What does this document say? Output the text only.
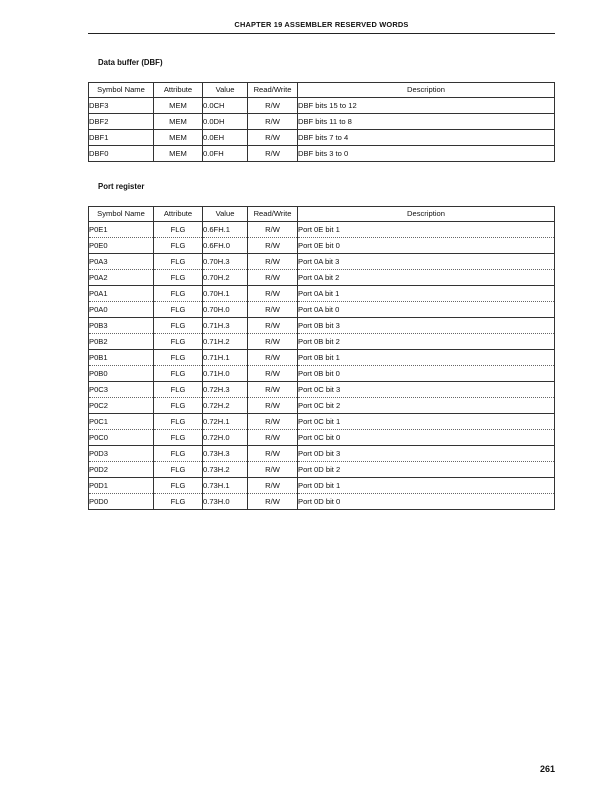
CHAPTER 19 ASSEMBLER RESERVED WORDS
Data buffer (DBF)
Symbol Name	Attribute	Value	Read/Write	Description
DBF3	MEM	0.0CH	R/W	DBF bits 15 to 12
DBF2	MEM	0.0DH	R/W	DBF bits 11 to 8
DBF1	MEM	0.0EH	R/W	DBF bits 7 to 4
DBF0	MEM	0.0FH	R/W	DBF bits 3 to 0
Port register
Symbol Name	Attribute	Value	Read/Write	Description
P0E1	FLG	0.6FH.1	R/W	Port 0E bit 1
P0E0	FLG	0.6FH.0	R/W	Port 0E bit 0
P0A3	FLG	0.70H.3	R/W	Port 0A bit 3
P0A2	FLG	0.70H.2	R/W	Port 0A bit 2
P0A1	FLG	0.70H.1	R/W	Port 0A bit 1
P0A0	FLG	0.70H.0	R/W	Port 0A bit 0
P0B3	FLG	0.71H.3	R/W	Port 0B bit 3
P0B2	FLG	0.71H.2	R/W	Port 0B bit 2
P0B1	FLG	0.71H.1	R/W	Port 0B bit 1
P0B0	FLG	0.71H.0	R/W	Port 0B bit 0
P0C3	FLG	0.72H.3	R/W	Port 0C bit 3
P0C2	FLG	0.72H.2	R/W	Port 0C bit 2
P0C1	FLG	0.72H.1	R/W	Port 0C bit 1
P0C0	FLG	0.72H.0	R/W	Port 0C bit 0
P0D3	FLG	0.73H.3	R/W	Port 0D bit 3
P0D2	FLG	0.73H.2	R/W	Port 0D bit 2
P0D1	FLG	0.73H.1	R/W	Port 0D bit 1
P0D0	FLG	0.73H.0	R/W	Port 0D bit 0
261
